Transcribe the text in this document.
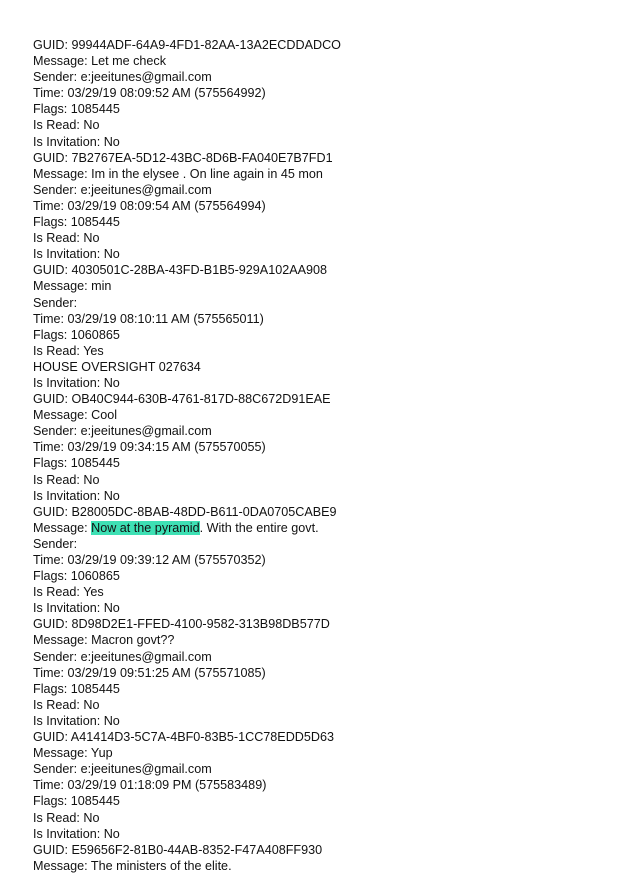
GUID: 99944ADF-64A9-4FD1-82AA-13A2ECDDADCO
Message: Let me check
Sender: e:jeeitunes@gmail.com
Time: 03/29/19 08:09:52 AM (575564992)
Flags: 1085445
Is Read: No
Is Invitation: No
GUID: 7B2767EA-5D12-43BC-8D6B-FA040E7B7FD1
Message: Im in the elysee . On line again in 45 mon
Sender: e:jeeitunes@gmail.com
Time: 03/29/19 08:09:54 AM (575564994)
Flags: 1085445
Is Read: No
Is Invitation: No
GUID: 4030501C-28BA-43FD-B1B5-929A102AA908
Message: min
Sender:
Time: 03/29/19 08:10:11 AM (575565011)
Flags: 1060865
Is Read: Yes
HOUSE OVERSIGHT 027634
Is Invitation: No
GUID: OB40C944-630B-4761-817D-88C672D91EAE
Message: Cool
Sender: e:jeeitunes@gmail.com
Time: 03/29/19 09:34:15 AM (575570055)
Flags: 1085445
Is Read: No
Is Invitation: No
GUID: B28005DC-8BAB-48DD-B611-0DA0705CABE9
Message: Now at the pyramid. With the entire govt.
Sender:
Time: 03/29/19 09:39:12 AM (575570352)
Flags: 1060865
Is Read: Yes
Is Invitation: No
GUID: 8D98D2E1-FFED-4100-9582-313B98DB577D
Message: Macron govt??
Sender: e:jeeitunes@gmail.com
Time: 03/29/19 09:51:25 AM (575571085)
Flags: 1085445
Is Read: No
Is Invitation: No
GUID: A41414D3-5C7A-4BF0-83B5-1CC78EDD5D63
Message: Yup
Sender: e:jeeitunes@gmail.com
Time: 03/29/19 01:18:09 PM (575583489)
Flags: 1085445
Is Read: No
Is Invitation: No
GUID: E59656F2-81B0-44AB-8352-F47A408FF930
Message: The ministers of the elite.
